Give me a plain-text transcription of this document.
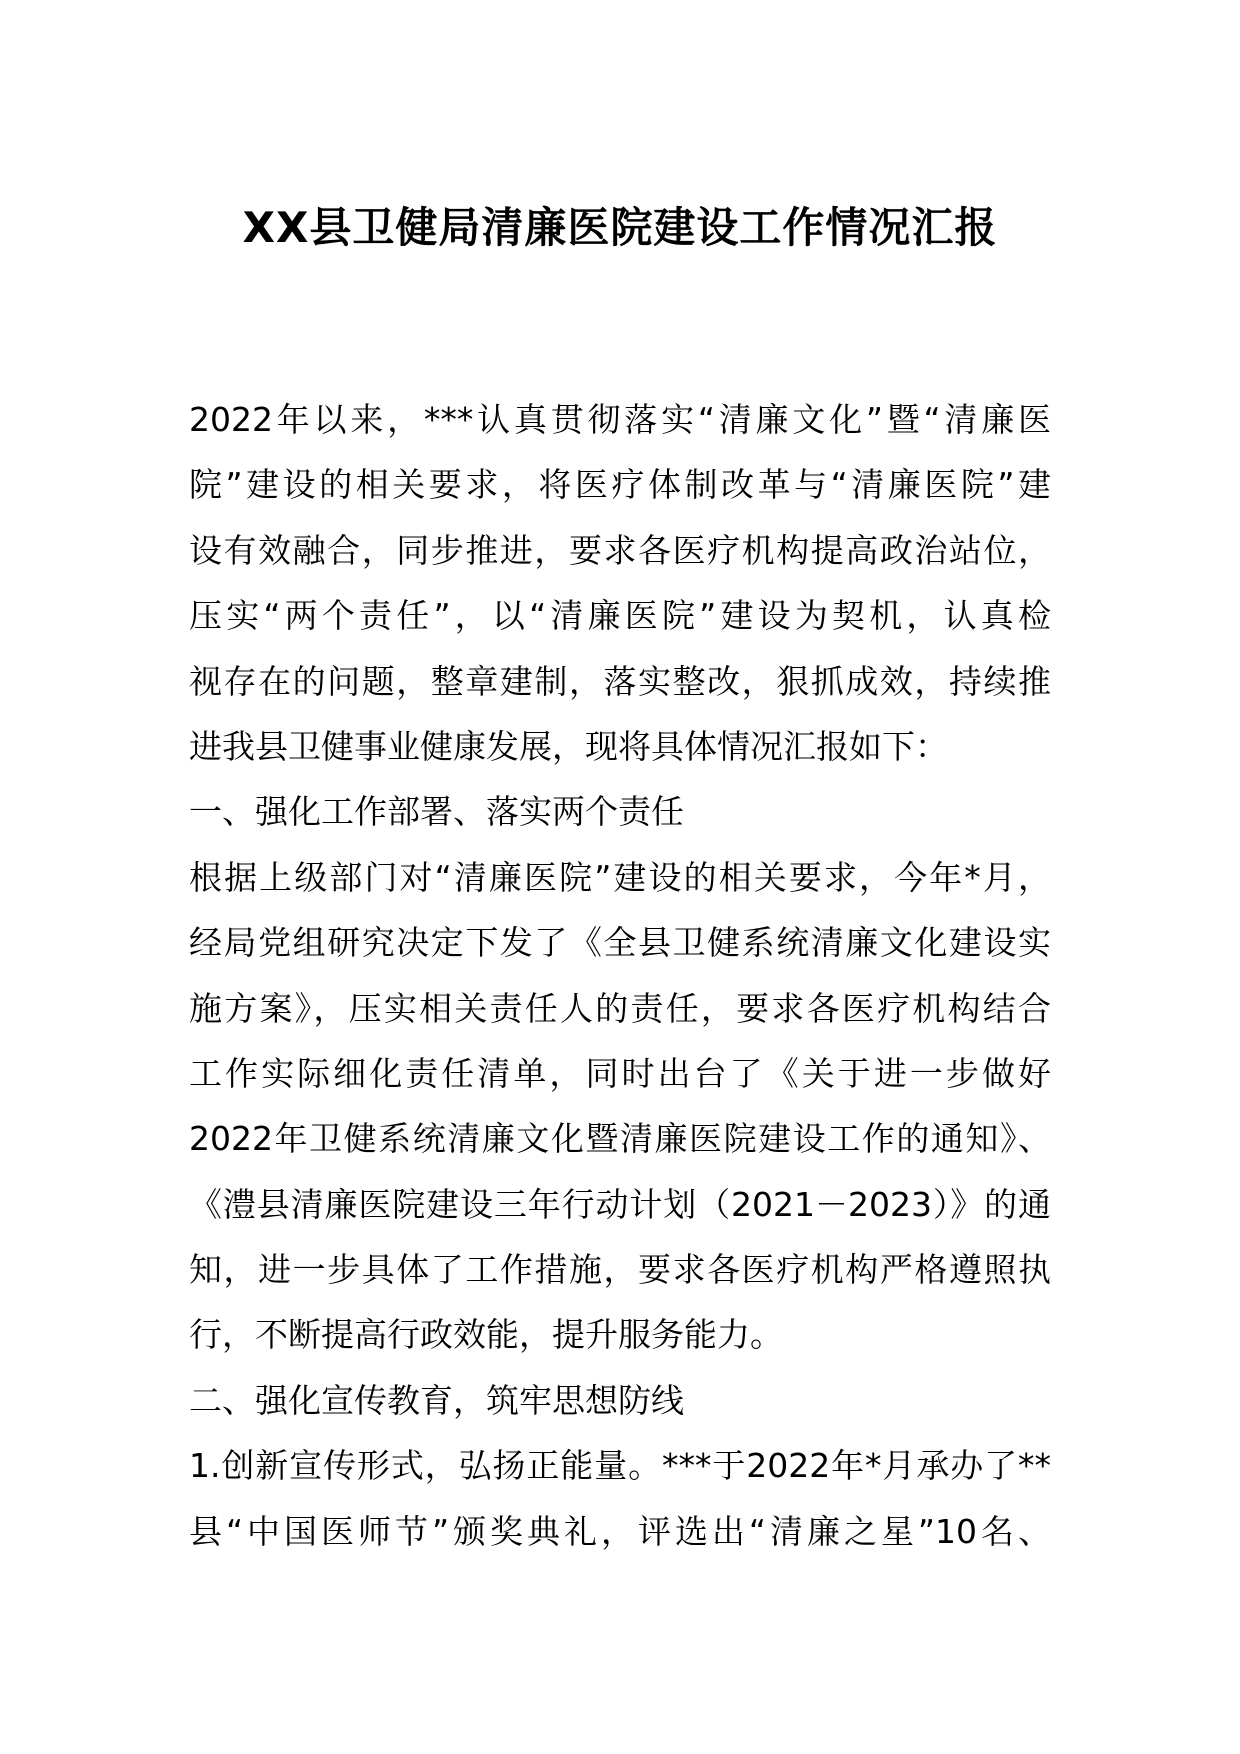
XX县卫健局清廉医院建设工作情况汇报
2022年以来，***认真贯彻落实“清廉文化”暨“清廉医
院”建设的相关要求，将医疗体制改革与“清廉医院”建
设有效融合，同步推进，要求各医疗机构提高政治站位，
压实“两个责任”，以“清廉医院”建设为契机，认真检
视存在的问题，整章建制，落实整改，狠抓成效，持续推
进我县卫健事业健康发展，现将具体情况汇报如下：
一、强化工作部署、落实两个责任
根据上级部门对“清廉医院”建设的相关要求，今年*月，
经局党组研究决定下发了《全县卫健系统清廉文化建设实
施方案》，压实相关责任人的责任，要求各医疗机构结合
工作实际细化责任清单，同时出台了《关于进一步做好
2022年卫健系统清廉文化暨清廉医院建设工作的通知》、
《澧县清廉医院建设三年行动计划（2021－2023）》的通
知，进一步具体了工作措施，要求各医疗机构严格遵照执
行，不断提高行政效能，提升服务能力。
二、强化宣传教育，筑牢思想防线
1.创新宣传形式，弘扬正能量。***于2022年*月承办了**
县“中国医师节”颁奖典礼，评选出“清廉之星”10名、
